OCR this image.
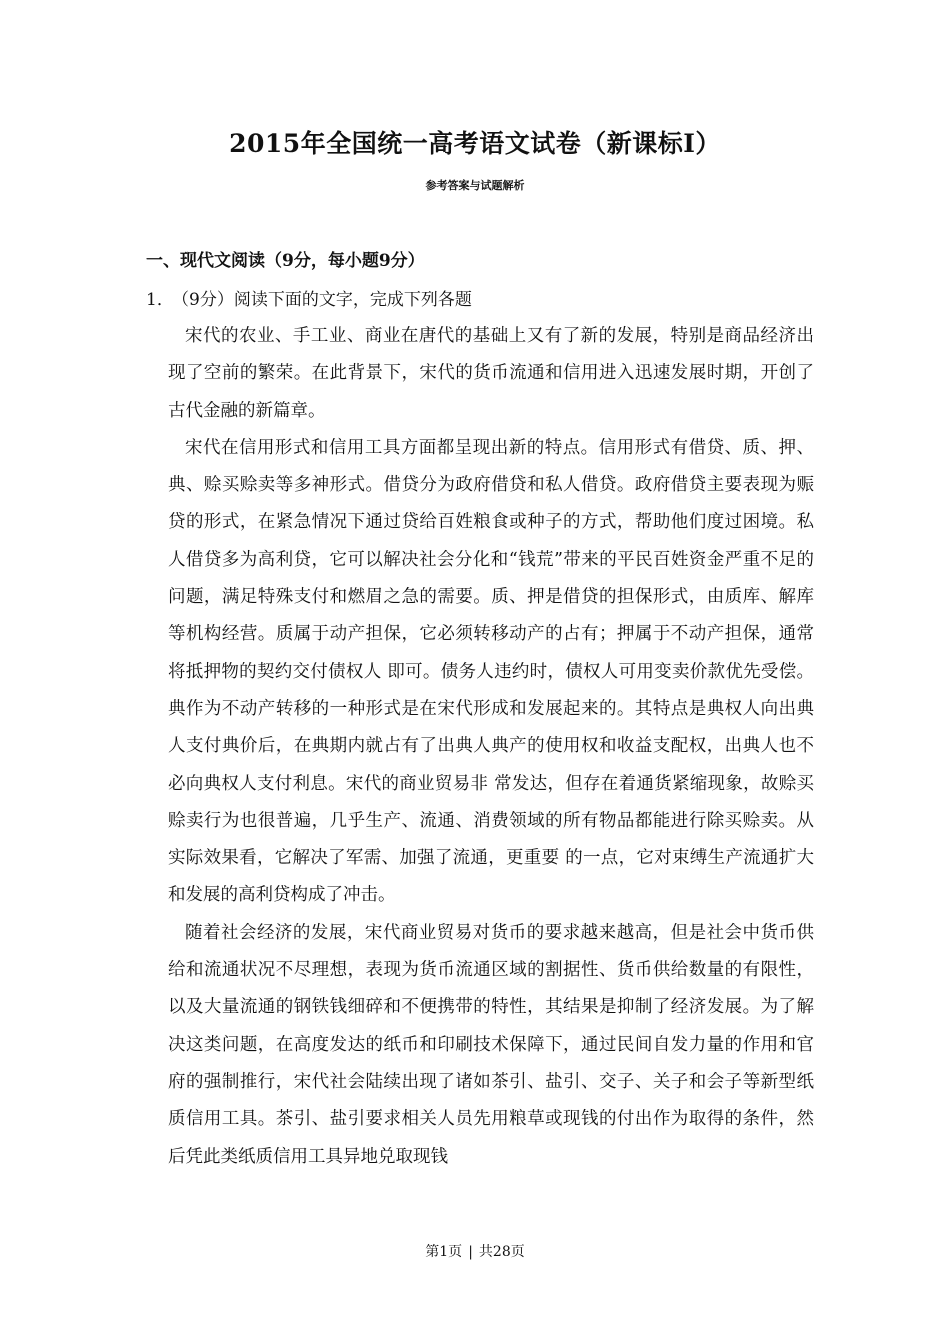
2015年全国统一高考语文试卷（新课标I）
参考答案与试题解析
一、现代文阅读（9分，每小题9分）
1．（9分）阅读下面的文字，完成下列各题

宋代的农业、手工业、商业在唐代的基础上又有了新的发展，特别是商品经济出现了空前的繁荣。在此背景下，宋代的货币流通和信用进入迅速发展时期，开创了古代金融的新篇章。

宋代在信用形式和信用工具方面都呈现出新的特点。信用形式有借贷、质、押、典、赊买赊卖等多神形式。借贷分为政府借贷和私人借贷。政府借贷主要表现为赈贷的形式，在紧急情况下通过贷给百姓粮食或种子的方式，帮助他们度过困境。私人借贷多为高利贷，它可以解决社会分化和“钱荒”带来的平民百姓资金严重不足的问题，满足特殊支付和燃眉之急的需要。质、押是借贷的担保形式，由质库、解库等机构经营。质属于动产担保，它必须转移动产的占有；押属于不动产担保，通常将抵押物的契约交付债权人 即可。债务人违约时，债权人可用变卖价款优先受偿。典作为不动产转移的一种形式是在宋代形成和发展起来的。其特点是典权人向出典人支付典价后，在典期内就占有了出典人典产的使用权和收益支配权，出典人也不必向典权人支付利息。宋代的商业贸易非 常发达，但存在着通货紧缩现象，故赊买赊卖行为也很普遍，几乎生产、流通、消费领域的所有物品都能进行除买赊卖。从实际效果看，它解决了军需、加强了流通，更重要 的一点，它对束缚生产流通扩大和发展的高利贷构成了冲击。

随着社会经济的发展，宋代商业贸易对货币的要求越来越高，但是社会中货币供给和流通状况不尽理想，表现为货币流通区域的割据性、货币供给数量的有限性，以及大量流通的钢铁钱细碎和不便携带的特性，其结果是抑制了经济发展。为了解决这类问题，在高度发达的纸币和印刷技术保障下，通过民间自发力量的作用和官府的强制推行，宋代社会陆续出现了诸如茶引、盐引、交子、关子和会子等新型纸质信用工具。茶引、盐引要求相关人员先用粮草或现钱的付出作为取得的条件，然后凭此类纸质信用工具异地兑取现钱

第1页 | 共28页
